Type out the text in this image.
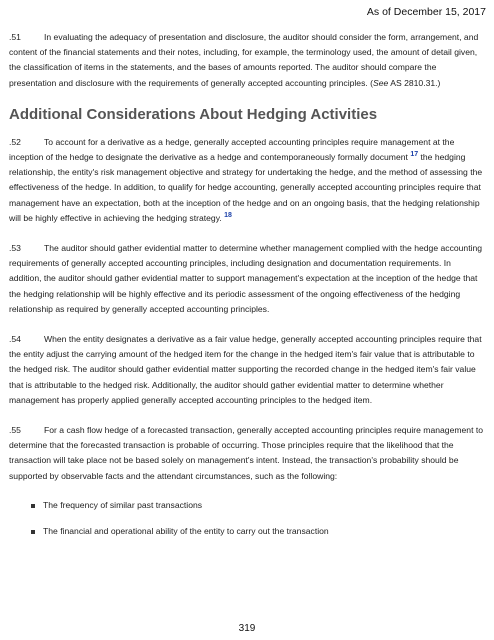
As of December 15, 2017

.51	In evaluating the adequacy of presentation and disclosure, the auditor should consider the form, arrangement, and content of the financial statements and their notes, including, for example, the terminology used, the amount of detail given, the classification of items in the statements, and the bases of amounts reported. The auditor should compare the presentation and disclosure with the requirements of generally accepted accounting principles. (See AS 2810.31.)

Additional Considerations About Hedging Activities

.52	To account for a derivative as a hedge, generally accepted accounting principles require management at the inception of the hedge to designate the derivative as a hedge and contemporaneously formally document $^{17}$ the hedging relationship, the entity's risk management objective and strategy for undertaking the hedge, and the method of assessing the effectiveness of the hedge. In addition, to qualify for hedge accounting, generally accepted accounting principles require that management have an expectation, both at the inception of the hedge and on an ongoing basis, that the hedging relationship will be highly effective in achieving the hedging strategy. $^{18}$

.53	The auditor should gather evidential matter to determine whether management complied with the hedge accounting requirements of generally accepted accounting principles, including designation and documentation requirements. In addition, the auditor should gather evidential matter to support management's expectation at the inception of the hedge that the hedging relationship will be highly effective and its periodic assessment of the ongoing effectiveness of the hedging relationship as required by generally accepted accounting principles.

.54	When the entity designates a derivative as a fair value hedge, generally accepted accounting principles require that the entity adjust the carrying amount of the hedged item for the change in the hedged item's fair value that is attributable to the hedged risk. The auditor should gather evidential matter supporting the recorded change in the hedged item's fair value that is attributable to the hedged risk. Additionally, the auditor should gather evidential matter to determine whether management has properly applied generally accepted accounting principles to the hedged item.

.55	For a cash flow hedge of a forecasted transaction, generally accepted accounting principles require management to determine that the forecasted transaction is probable of occurring. Those principles require that the likelihood that the transaction will take place not be based solely on management's intent. Instead, the transaction's probability should be supported by observable facts and the attendant circumstances, such as the following:

The frequency of similar past transactions
The financial and operational ability of the entity to carry out the transaction
319
